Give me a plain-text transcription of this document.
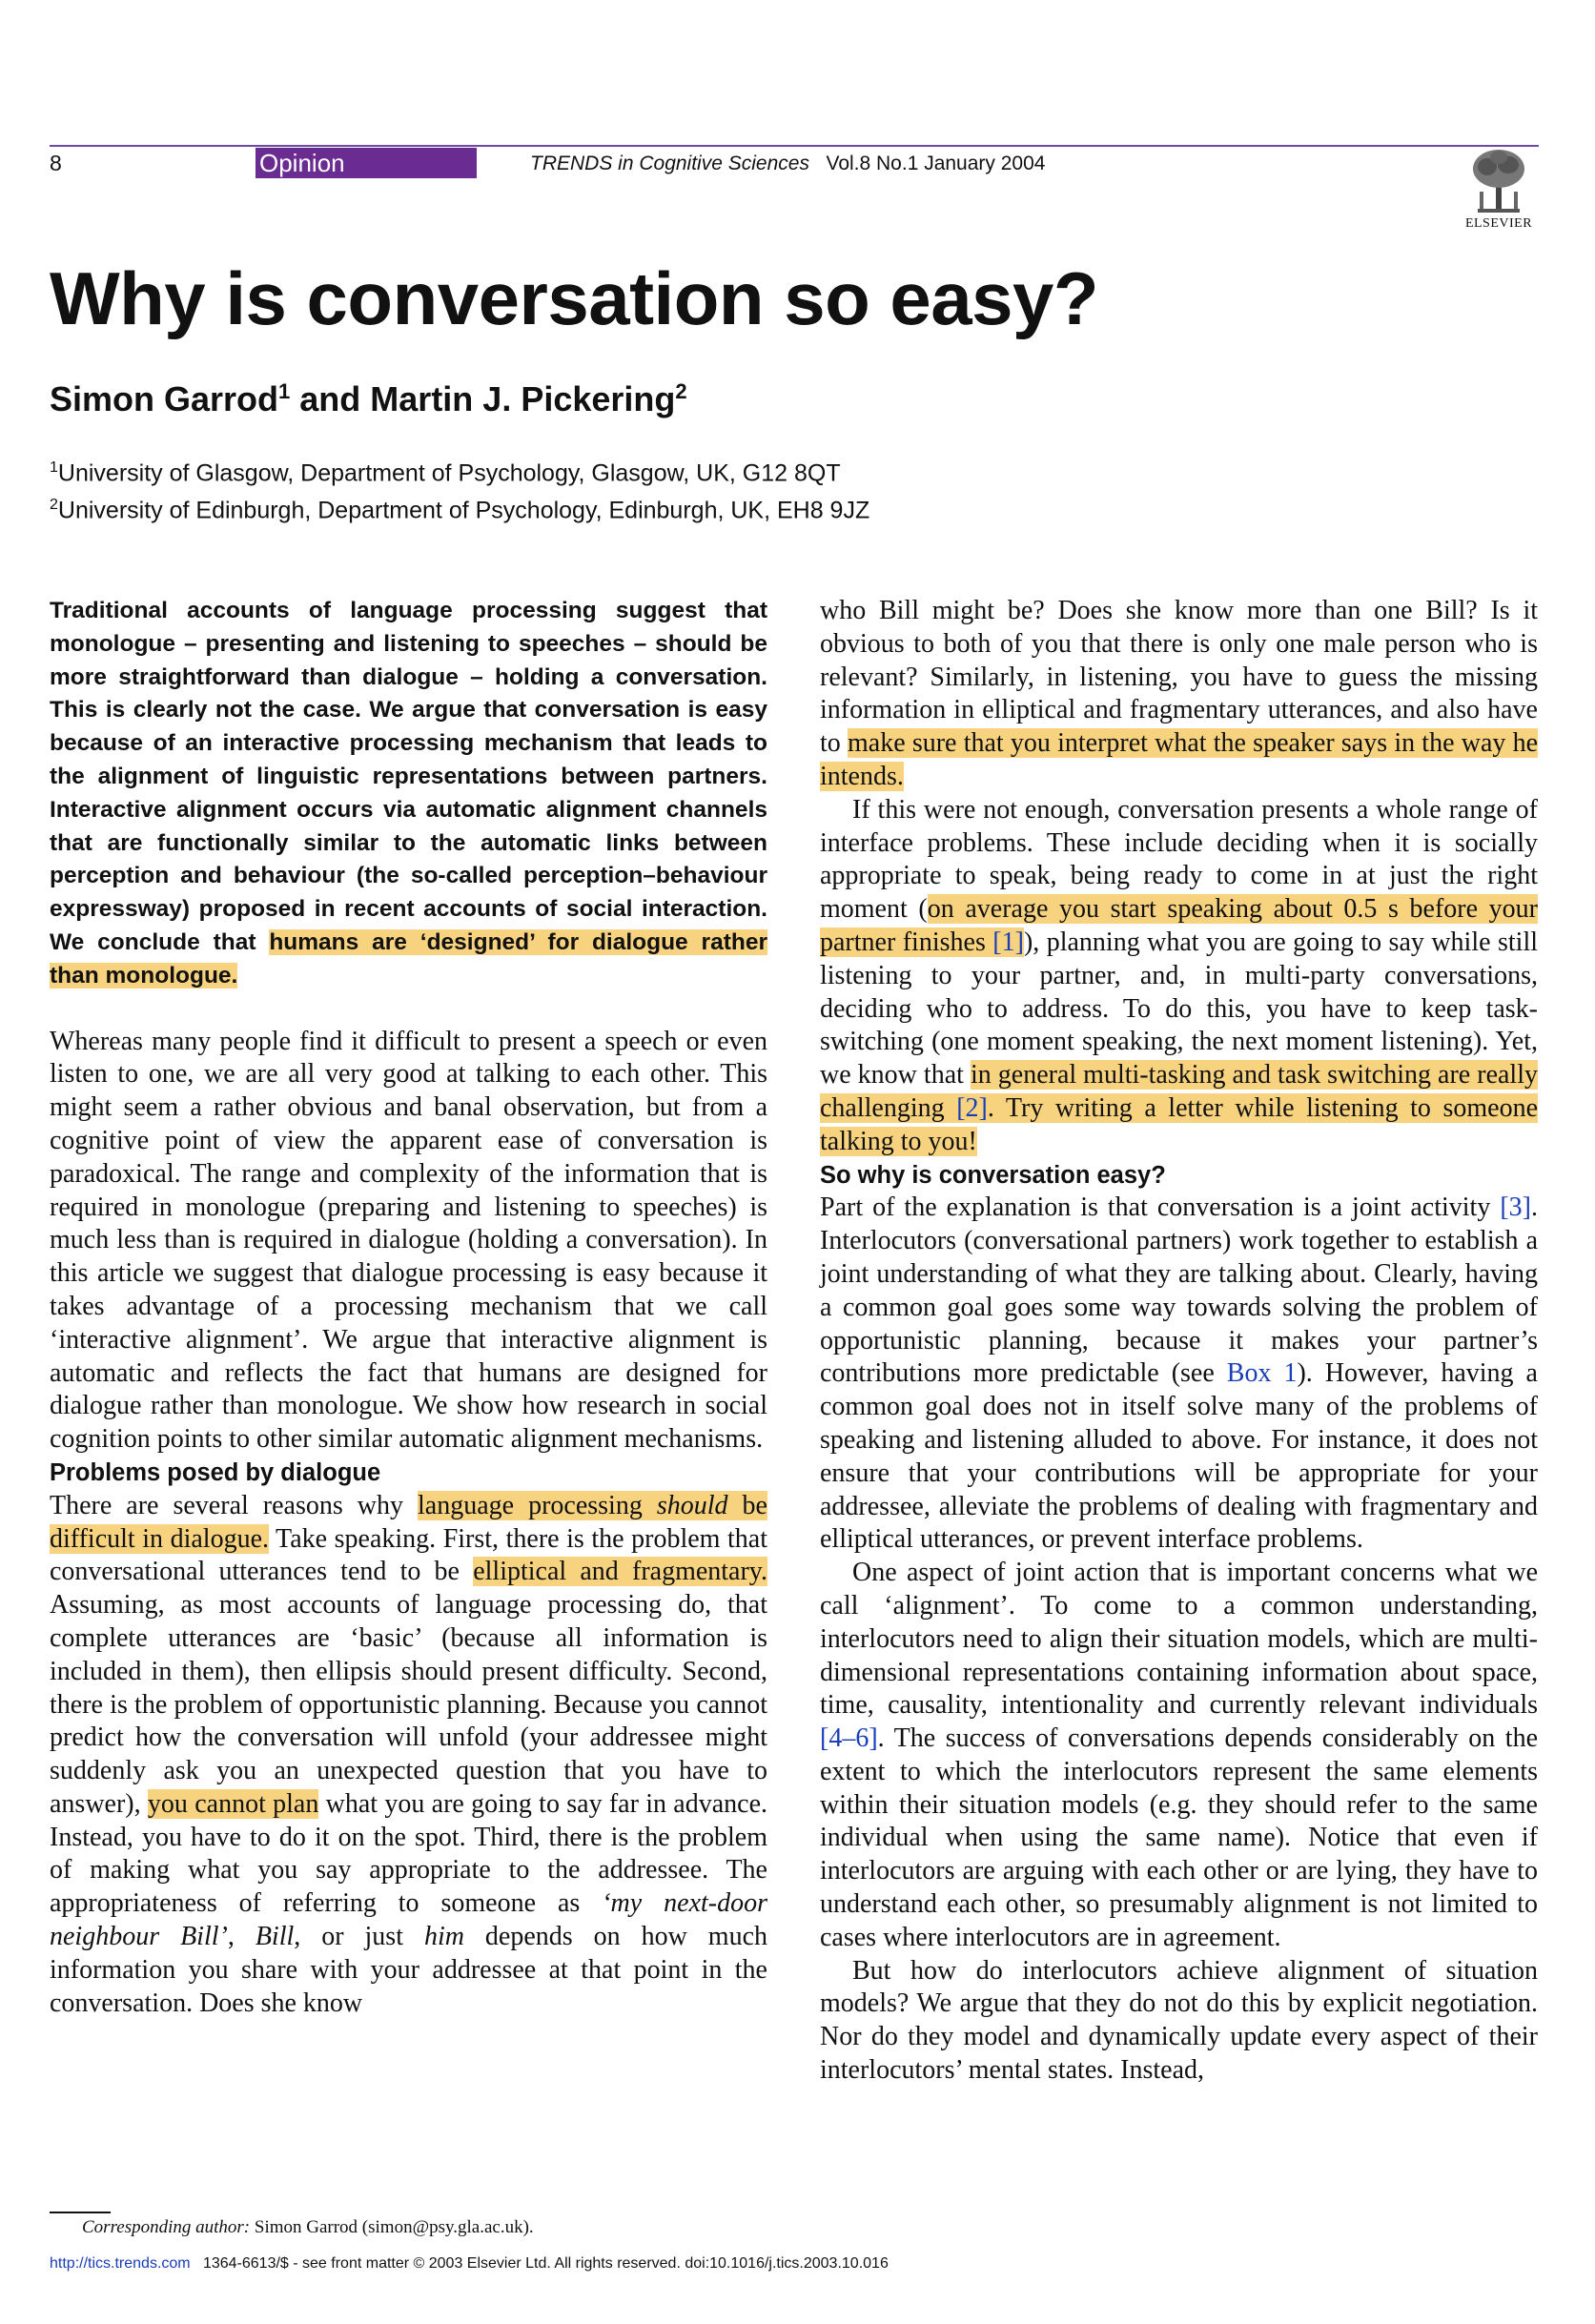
8	Opinion	TRENDS in Cognitive Sciences Vol.8 No.1 January 2004
ELSEVIER
Why is conversation so easy?
Simon Garrod$^1$ and Martin J. Pickering$^2$
$^1$University of Glasgow, Department of Psychology, Glasgow, UK, G12 8QT
$^2$University of Edinburgh, Department of Psychology, Edinburgh, UK, EH8 9JZ

Traditional accounts of language processing suggest that monologue – presenting and listening to speeches – should be more straightforward than dialogue – holding a conversation. This is clearly not the case. We argue that conversation is easy because of an interactive processing mechanism that leads to the alignment of linguistic representations between partners. Interactive alignment occurs via automatic alignment channels that are functionally similar to the automatic links between perception and behaviour (the so-called perception–behaviour expressway) proposed in recent accounts of social interaction. We conclude that humans are ‘designed’ for dialogue rather than monologue.

Whereas many people find it difficult to present a speech or even listen to one, we are all very good at talking to each other. This might seem a rather obvious and banal observation, but from a cognitive point of view the apparent ease of conversation is paradoxical. The range and complexity of the information that is required in monologue (preparing and listening to speeches) is much less than is required in dialogue (holding a conversation). In this article we suggest that dialogue processing is easy because it takes advantage of a processing mechanism that we call ‘interactive alignment’. We argue that interactive alignment is automatic and reflects the fact that humans are designed for dialogue rather than monologue. We show how research in social cognition points to other similar automatic alignment mechanisms.

Problems posed by dialogue

There are several reasons why language processing should be difficult in dialogue. Take speaking. First, there is the problem that conversational utterances tend to be elliptical and fragmentary. Assuming, as most accounts of language processing do, that complete utterances are ‘basic’ (because all information is included in them), then ellipsis should present difficulty. Second, there is the problem of opportunistic planning. Because you cannot predict how the conversation will unfold (your addressee might suddenly ask you an unexpected question that you have to answer), you cannot plan what you are going to say far in advance. Instead, you have to do it on the spot. Third, there is the problem of making what you say appropriate to the addressee. The appropriateness of referring to someone as ‘my next-door neighbour Bill’, Bill, or just him depends on how much information you share with your addressee at that point in the conversation. Does she know

who Bill might be? Does she know more than one Bill? Is it obvious to both of you that there is only one male person who is relevant? Similarly, in listening, you have to guess the missing information in elliptical and fragmentary utterances, and also have to make sure that you interpret what the speaker says in the way he intends.

If this were not enough, conversation presents a whole range of interface problems. These include deciding when it is socially appropriate to speak, being ready to come in at just the right moment (on average you start speaking about 0.5 s before your partner finishes [1]), planning what you are going to say while still listening to your partner, and, in multi-party conversations, deciding who to address. To do this, you have to keep task-switching (one moment speaking, the next moment listening). Yet, we know that in general multi-tasking and task switching are really challenging [2]. Try writing a letter while listening to someone talking to you!

So why is conversation easy?

Part of the explanation is that conversation is a joint activity [3]. Interlocutors (conversational partners) work together to establish a joint understanding of what they are talking about. Clearly, having a common goal goes some way towards solving the problem of opportunistic planning, because it makes your partner’s contributions more predictable (see Box 1). However, having a common goal does not in itself solve many of the problems of speaking and listening alluded to above. For instance, it does not ensure that your contributions will be appropriate for your addressee, alleviate the problems of dealing with fragmentary and elliptical utterances, or prevent interface problems.

One aspect of joint action that is important concerns what we call ‘alignment’. To come to a common understanding, interlocutors need to align their situation models, which are multi-dimensional representations containing information about space, time, causality, intentionality and currently relevant individuals [4–6]. The success of conversations depends considerably on the extent to which the interlocutors represent the same elements within their situation models (e.g. they should refer to the same individual when using the same name). Notice that even if interlocutors are arguing with each other or are lying, they have to understand each other, so presumably alignment is not limited to cases where interlocutors are in agreement.

But how do interlocutors achieve alignment of situation models? We argue that they do not do this by explicit negotiation. Nor do they model and dynamically update every aspect of their interlocutors’ mental states. Instead,

Corresponding author: Simon Garrod (simon@psy.gla.ac.uk).
http://tics.trends.com 1364-6613/$ - see front matter © 2003 Elsevier Ltd. All rights reserved. doi:10.1016/j.tics.2003.10.016
